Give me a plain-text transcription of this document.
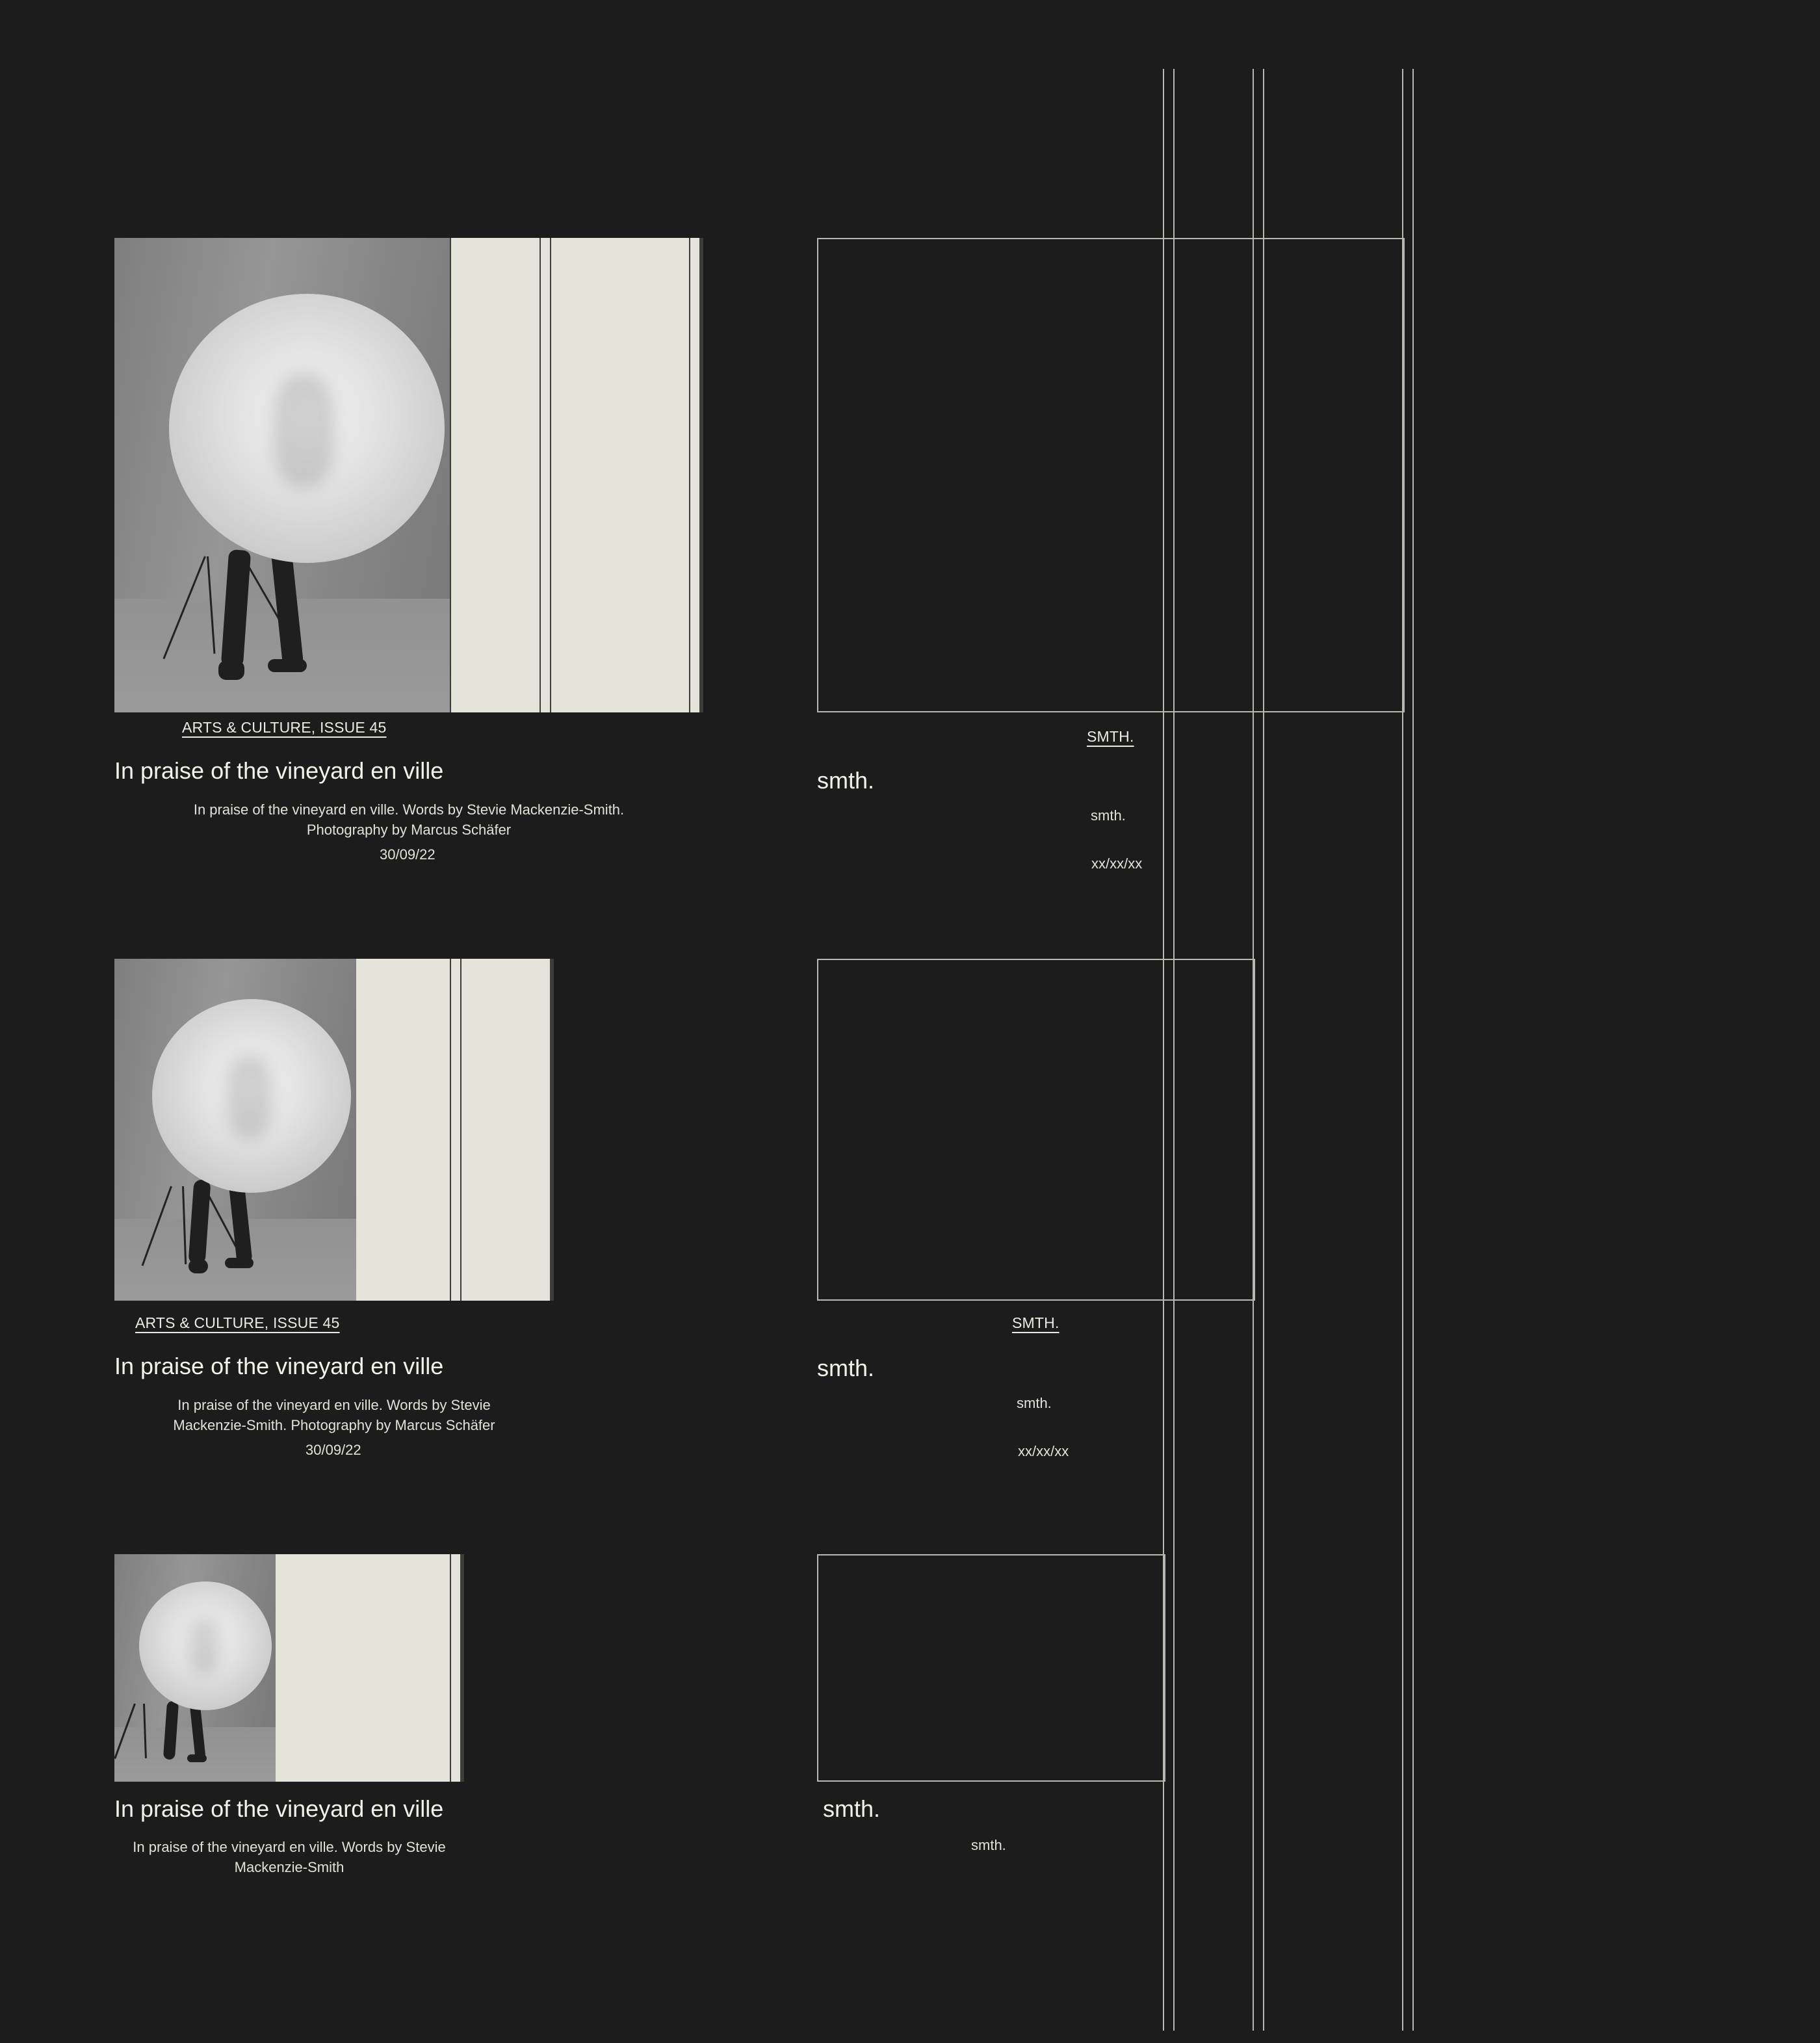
ARTS & CULTURE, ISSUE 45
In praise of the vineyard en ville
In praise of the vineyard en ville. Words by Stevie Mackenzie-Smith.
Photography by Marcus Schäfer
30/09/22
SMTH.
smth.
smth.
xx/xx/xx
ARTS & CULTURE, ISSUE 45
In praise of the vineyard en ville
In praise of the vineyard en ville. Words by Stevie
Mackenzie-Smith. Photography by Marcus Schäfer
30/09/22
SMTH.
smth.
smth.
xx/xx/xx
In praise of the vineyard en ville
In praise of the vineyard en ville. Words by Stevie
Mackenzie-Smith
smth.
smth.
